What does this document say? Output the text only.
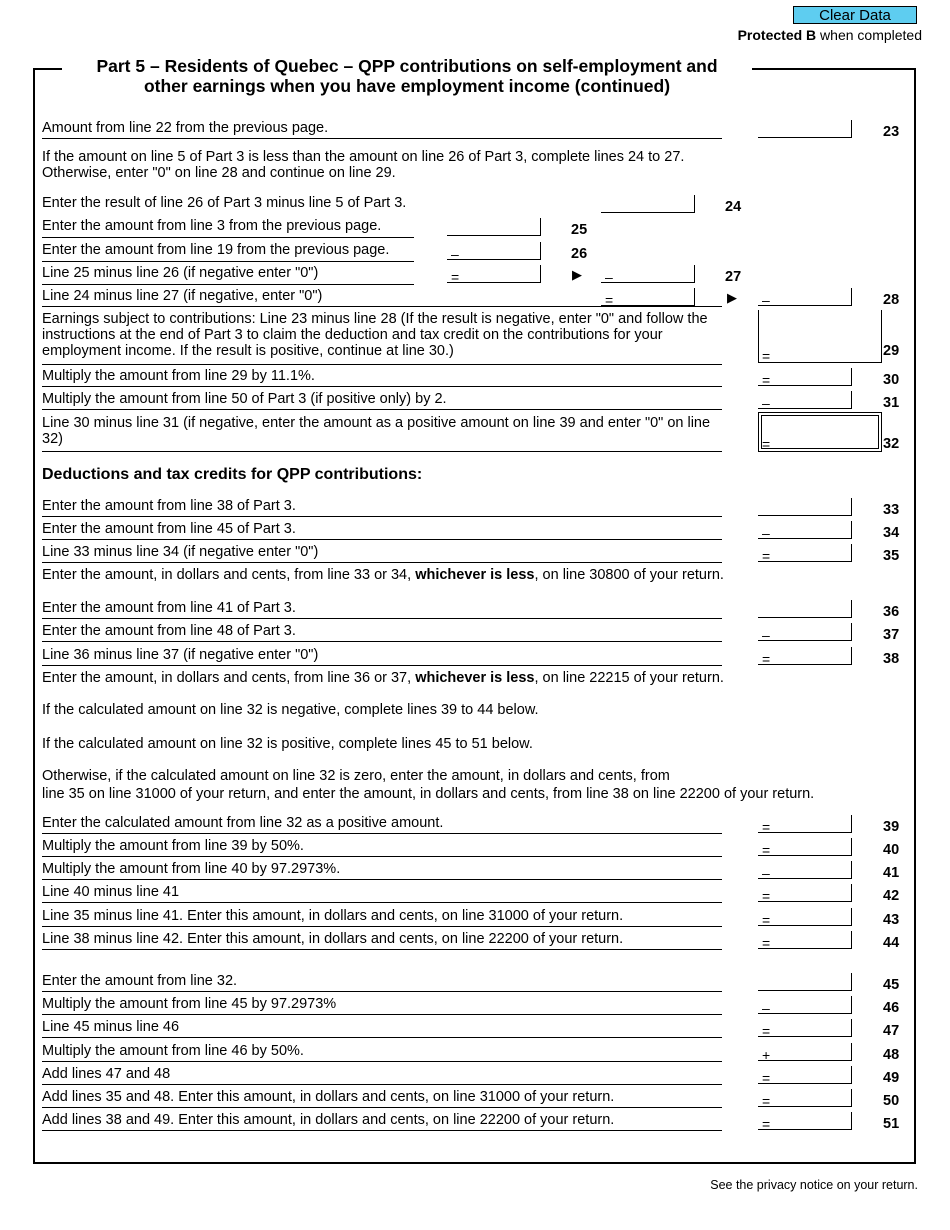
Clear Data
Protected B when completed
Part 5 – Residents of Quebec – QPP contributions on self-employment and
other earnings when you have employment income (continued)
Amount from line 22 from the previous page.	23
If the amount on line 5 of Part 3 is less than the amount on line 26 of Part 3, complete lines 24 to 27. Otherwise, enter "0" on line 28 and continue on line 29.
Enter the result of line 26 of Part 3 minus line 5 of Part 3.	24
Enter the amount from line 3 from the previous page.	25
Enter the amount from line 19 from the previous page.	–	26
Line 25 minus line 26 (if negative enter "0")	=	▶ –	27
Line 24 minus line 27 (if negative, enter "0")	=	▶ –	28
Earnings subject to contributions: Line 23 minus line 28 (If the result is negative, enter "0" and follow the instructions at the end of Part 3 to claim the deduction and tax credit on the contributions for your employment income. If the result is positive, continue at line 30.)	=	29
Multiply the amount from line 29 by 11.1%.	=	30
Multiply the amount from line 50 of Part 3 (if positive only) by 2.	–	31
Line 30 minus line 31 (if negative, enter the amount as a positive amount on line 39 and enter "0" on line 32)	=	32
Deductions and tax credits for QPP contributions:
Enter the amount from line 38 of Part 3.	33
Enter the amount from line 45 of Part 3.	–	34
Line 33 minus line 34 (if negative enter "0")	=	35
Enter the amount, in dollars and cents, from line 33 or 34, whichever is less, on line 30800 of your return.
Enter the amount from line 41 of Part 3.	36
Enter the amount from line 48 of Part 3.	–	37
Line 36 minus line 37 (if negative enter "0")	=	38
Enter the amount, in dollars and cents, from line 36 or 37, whichever is less, on line 22215 of your return.
If the calculated amount on line 32 is negative, complete lines 39 to 44 below.
If the calculated amount on line 32 is positive, complete lines 45 to 51 below.
Otherwise, if the calculated amount on line 32 is zero, enter the amount, in dollars and cents, from
line 35 on line 31000 of your return, and enter the amount, in dollars and cents, from line 38 on line 22200 of your return.
Enter the calculated amount from line 32 as a positive amount.	=	39
Multiply the amount from line 39 by 50%.	=	40
Multiply the amount from line 40 by 97.2973%.	–	41
Line 40 minus line 41	=	42
Line 35 minus line 41. Enter this amount, in dollars and cents, on line 31000 of your return.	=	43
Line 38 minus line 42. Enter this amount, in dollars and cents, on line 22200 of your return.	=	44
Enter the amount from line 32.	45
Multiply the amount from line 45 by 97.2973%	–	46
Line 45 minus line 46	=	47
Multiply the amount from line 46 by 50%.	+	48
Add lines 47 and 48	=	49
Add lines 35 and 48. Enter this amount, in dollars and cents, on line 31000 of your return.	=	50
Add lines 38 and 49. Enter this amount, in dollars and cents, on line 22200 of your return.	=	51
See the privacy notice on your return.
